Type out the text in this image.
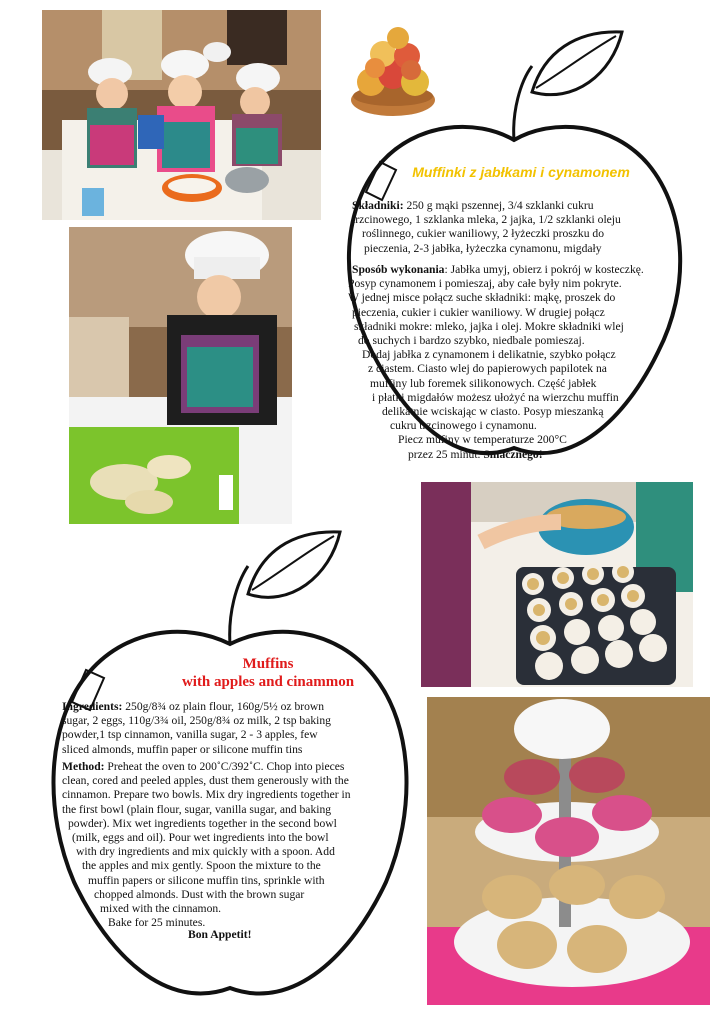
Muffinki z jabłkami i cynamonem
Składniki: 250 g mąki pszennej, 3/4 szklanki cukru
trzcinowego, 1 szklanka mleka, 2 jajka, 1/2 szklanki oleju
roślinnego, cukier waniliowy, 2 łyżeczki proszku do
pieczenia, 2-3 jabłka, łyżeczka cynamonu, migdały
Sposób wykonania: Jabłka umyj, obierz i pokrój w kosteczkę.
Posyp cynamonem i pomieszaj, aby całe były nim pokryte.
W jednej misce połącz suche składniki: mąkę, proszek do
pieczenia, cukier i cukier waniliowy. W drugiej połącz
składniki mokre: mleko, jajka i olej. Mokre składniki wlej
do suchych i bardzo szybko, niedbale pomieszaj.
Dodaj jabłka z cynamonem i delikatnie, szybko połącz
z ciastem. Ciasto wlej do papierowych papilotek na
muffiny lub foremek silikonowych. Część jabłek
i płatki migdałów możesz ułożyć na wierzchu muffin
delikatnie wciskając w ciasto. Posyp mieszanką
cukru trzcinowego i cynamonu.
Piecz mufiny w temperaturze 200°C
przez 25 minut. Smacznego!
Muffins
with apples and cinammon
Ingredients: 250g/8¾ oz plain flour, 160g/5½ oz brown
sugar, 2 eggs, 110g/3¾ oil, 250g/8¾ oz milk, 2 tsp baking
powder,1 tsp cinnamon, vanilla sugar, 2 - 3 apples, few
sliced almonds, muffin paper or silicone muffin tins
Method: Preheat the oven to 200˚C/392˚C. Chop into pieces
clean, cored and peeled apples, dust them generously with the
cinnamon. Prepare two bowls. Mix dry ingredients together in
the first bowl (plain flour, sugar, vanilla sugar, and baking
powder). Mix wet ingredients together in the second bowl
(milk, eggs and oil). Pour wet ingredients into the bowl
with dry ingredients and mix quickly with a spoon. Add
the apples and mix gently. Spoon the mixture to the
muffin papers or silicone muffin tins, sprinkle with
chopped almonds. Dust with the brown sugar
mixed with the cinnamon.
Bake for 25 minutes.
Bon Appetit!
